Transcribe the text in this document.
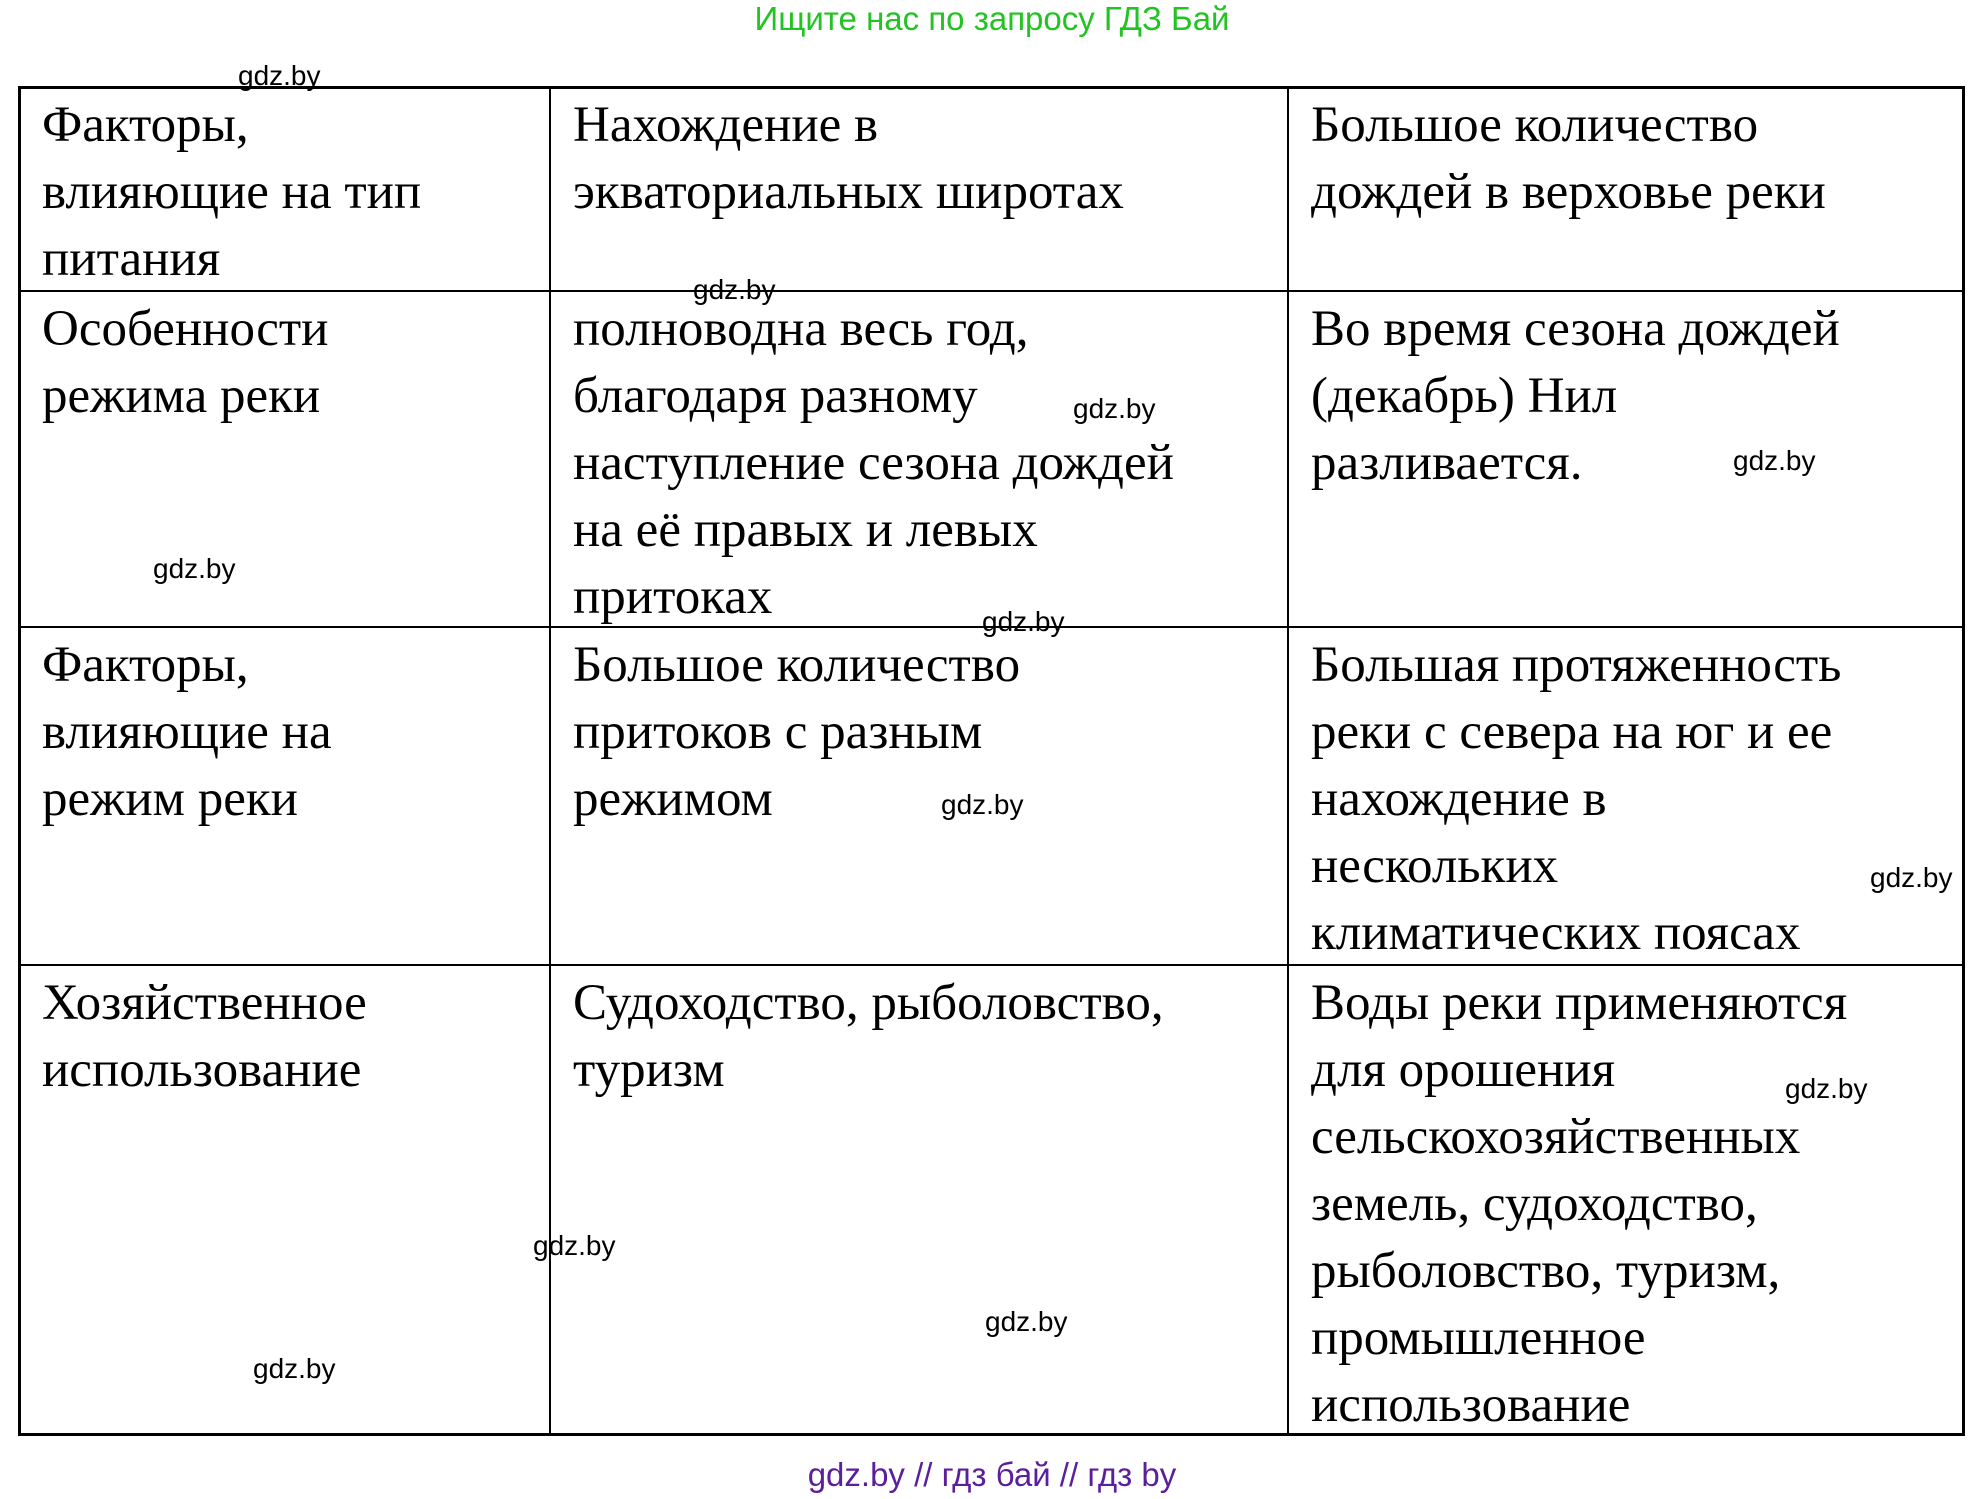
Ищите нас по запросу ГДЗ Бай
Факторы,
влияющие на тип
питания
Нахождение в
экваториальных широтах
Большое количество
дождей в верховье реки
Особенности
режима реки
полноводна весь год,
благодаря разному
наступление сезона дождей
на её правых и левых
притоках
Во время сезона дождей
(декабрь) Нил
разливается.
Факторы,
влияющие на
режим реки
Большое количество
притоков с разным
режимом
Большая протяженность
реки с севера на юг и ее
нахождение в
нескольких
климатических поясах
Хозяйственное
использование
Судоходство, рыболовство,
туризм
Воды реки применяются
для орошения
сельскохозяйственных
земель, судоходство,
рыболовство, туризм,
промышленное
использование
gdz.by
gdz.by
gdz.by
gdz.by
gdz.by
gdz.by
gdz.by
gdz.by
gdz.by
gdz.by
gdz.by
gdz.by
gdz.by // гдз бай // гдз by
